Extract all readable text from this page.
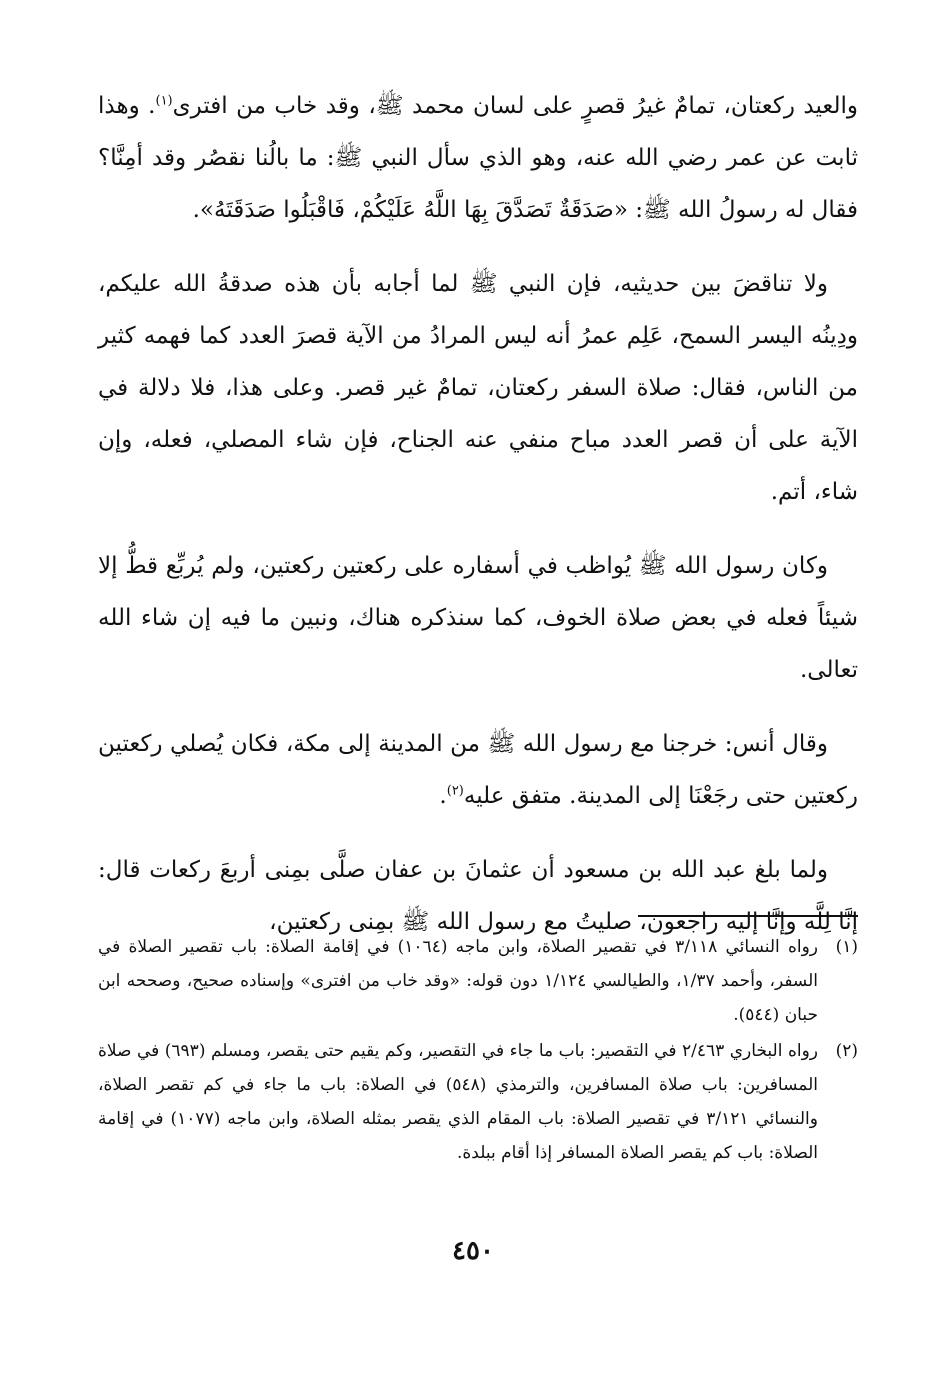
والعيد ركعتان، تمامٌ غيرُ قصرٍ على لسان محمد ﷺ، وقد خاب من افترى$^{(١)}$. وهذا ثابت عن عمر رضي الله عنه، وهو الذي سأل النبي ﷺ: ما بالُنا نقصُر وقد أمِنَّا؟ فقال له رسولُ الله ﷺ: «صَدَقَةٌ تَصَدَّقَ بِهَا اللَّهُ عَلَيْكُمْ، فَاقْبَلُوا صَدَقَتَهُ».

ولا تناقضَ بين حديثيه، فإن النبي ﷺ لما أجابه بأن هذه صدقةُ الله عليكم، ودِينُه اليسر السمح، عَلِم عمرُ أنه ليس المرادُ من الآية قصرَ العدد كما فهمه كثير من الناس، فقال: صلاة السفر ركعتان، تمامٌ غير قصر. وعلى هذا، فلا دلالة في الآية على أن قصر العدد مباح منفي عنه الجناح، فإن شاء المصلي، فعله، وإن شاء، أتم.

وكان رسول الله ﷺ يُواظب في أسفاره على ركعتين ركعتين، ولم يُربِّع قطُّ إلا شيئاً فعله في بعض صلاة الخوف، كما سنذكره هناك، ونبين ما فيه إن شاء الله تعالى.

وقال أنس: خرجنا مع رسول الله ﷺ من المدينة إلى مكة، فكان يُصلي ركعتين ركعتين حتى رجَعْنَا إلى المدينة. متفق عليه$^{(٢)}$.

ولما بلغ عبد الله بن مسعود أن عثمانَ بن عفان صلَّى بمِنى أربعَ ركعات قال: إنَّا لِلَّه وإنَّا إليه راجعون، صليتُ مع رسول الله ﷺ بمِنى ركعتين،

(١)
رواه النسائي ٣/١١٨ في تقصير الصلاة، وابن ماجه (١٠٦٤) في إقامة الصلاة: باب تقصير الصلاة في السفر، وأحمد ١/٣٧، والطيالسي ١/١٢٤ دون قوله: «وقد خاب من افترى» وإسناده صحيح، وصححه ابن حبان (٥٤٤).
(٢)
رواه البخاري ٢/٤٦٣ في التقصير: باب ما جاء في التقصير، وكم يقيم حتى يقصر، ومسلم (٦٩٣) في صلاة المسافرين: باب صلاة المسافرين، والترمذي (٥٤٨) في الصلاة: باب ما جاء في كم تقصر الصلاة، والنسائي ٣/١٢١ في تقصير الصلاة: باب المقام الذي يقصر بمثله الصلاة، وابن ماجه (١٠٧٧) في إقامة الصلاة: باب كم يقصر الصلاة المسافر إذا أقام ببلدة.
٤٥٠
